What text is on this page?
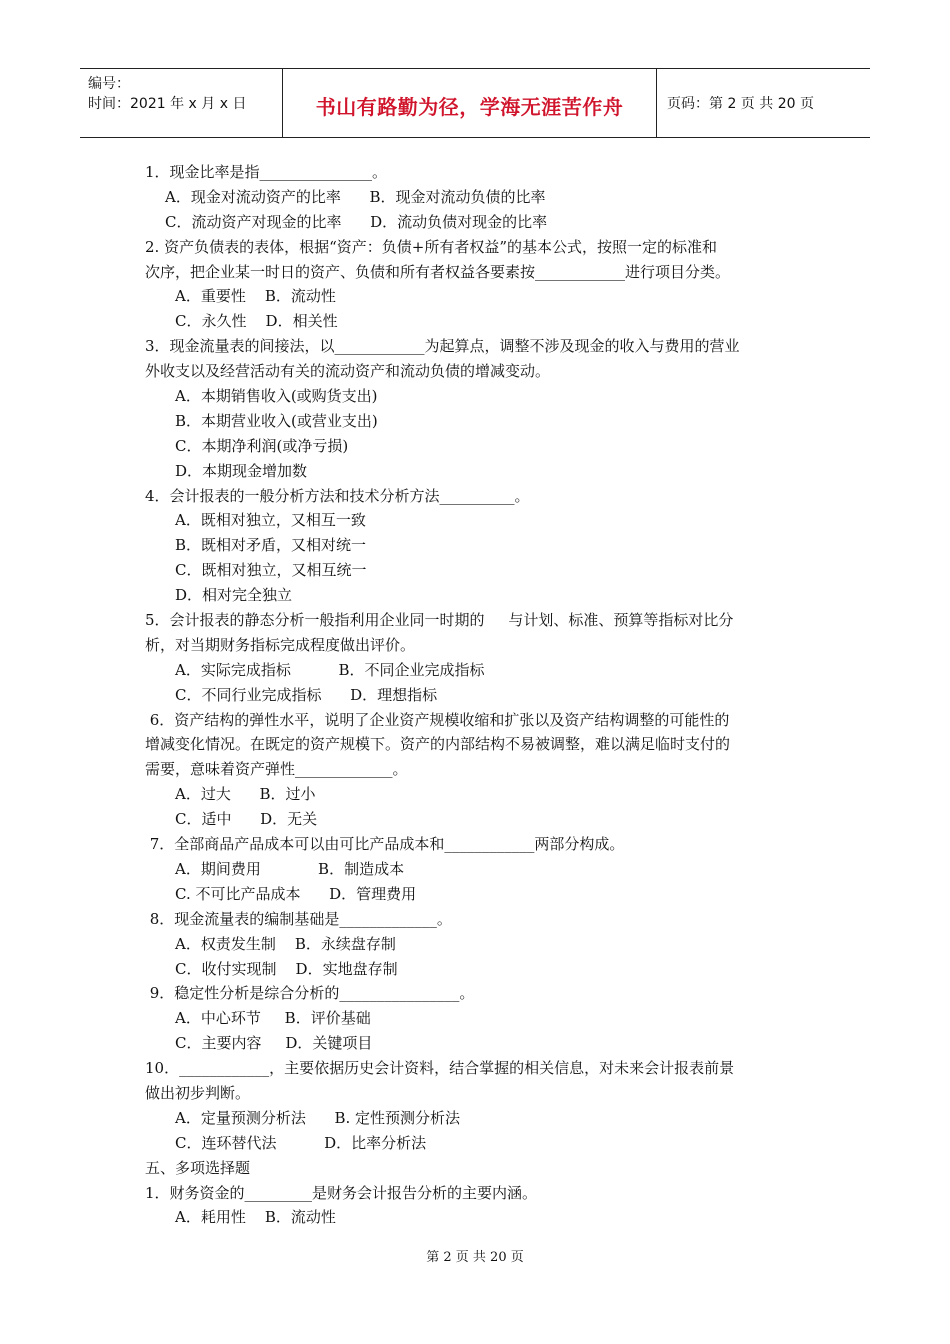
编号：
时间：2021 年 x 月 x 日	书山有路勤为径，学海无涯苦作舟	页码：第 2 页 共 20 页
1．现金比率是指_______________。
A．现金对流动资产的比率      B．现金对流动负债的比率
C．流动资产对现金的比率      D．流动负债对现金的比率
2. 资产负债表的表体，根据“资产：负债+所有者权益”的基本公式，按照一定的标准和
次序，把企业某一时日的资产、负债和所有者权益各要素按____________进行项目分类。
A．重要性    B．流动性
C．永久性    D．相关性
3．现金流量表的间接法，以____________为起算点，调整不涉及现金的收入与费用的营业
外收支以及经营活动有关的流动资产和流动负债的增减变动。
A．本期销售收入(或购货支出)
B．本期营业收入(或营业支出)
C．本期净利润(或净亏损)
D．本期现金增加数
4．会计报表的一般分析方法和技术分析方法__________。
A．既相对独立，又相互一致
B．既相对矛盾，又相对统一
C．既相对独立，又相互统一
D．相对完全独立
5．会计报表的静态分析一般指利用企业同一时期的     与计划、标准、预算等指标对比分
析，对当期财务指标完成程度做出评价。
A．实际完成指标          B．不同企业完成指标
C．不同行业完成指标      D．理想指标
6．资产结构的弹性水平，说明了企业资产规模收缩和扩张以及资产结构调整的可能性的
增减变化情况。在既定的资产规模下。资产的内部结构不易被调整，难以满足临时支付的
需要，意味着资产弹性_____________。
A．过大      B．过小
C．适中      D．无关
7．全部商品产品成本可以由可比产品成本和____________两部分构成。
A．期间费用            B．制造成本
C. 不可比产品成本      D．管理费用
8．现金流量表的编制基础是_____________。
A．权责发生制    B．永续盘存制
C．收付实现制    D．实地盘存制
9．稳定性分析是综合分析的________________。
A．中心环节     B．评价基础
C．主要内容     D．关键项目
10．____________，主要依据历史会计资料，结合掌握的相关信息，对未来会计报表前景
做出初步判断。
A．定量预测分析法      B. 定性预测分析法
C．连环替代法          D．比率分析法
五、多项选择题
1．财务资金的_________是财务会计报告分析的主要内涵。
A．耗用性    B．流动性
第 2 页 共 20 页
